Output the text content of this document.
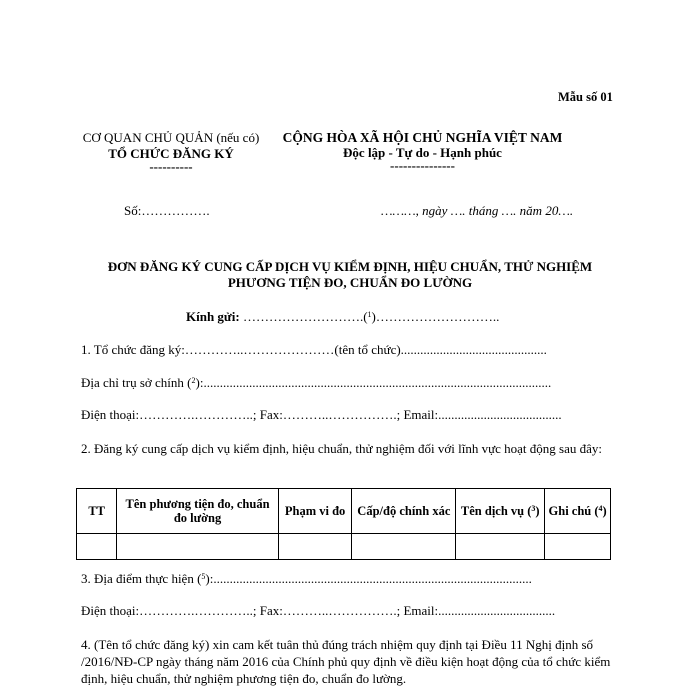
Mẫu số 01
CƠ QUAN CHỦ QUẢN (nếu có)
TỔ CHỨC ĐĂNG KÝ
----------
CỘNG HÒA XÃ HỘI CHỦ NGHĨA VIỆT NAM
Độc lập - Tự do - Hạnh phúc
---------------
Số:…………….	………, ngày …. tháng …. năm 20….
ĐƠN ĐĂNG KÝ CUNG CẤP DỊCH VỤ KIỂM ĐỊNH, HIỆU CHUẨN, THỬ NGHIỆM
PHƯƠNG TIỆN ĐO, CHUẨN ĐO LƯỜNG
Kính gửi: ……………………….($^1$)………………………..
1. Tổ chức đăng ký:…………..…………………(tên tổ chức).............................................
Địa chỉ trụ sở chính ($^2$):...........................................................................................................
Điện thoại:………….…………..; Fax:………..…………….; Email:......................................
2. Đăng ký cung cấp dịch vụ kiểm định, hiệu chuẩn, thử nghiệm đối với lĩnh vực hoạt động sau đây:
TT	Tên phương tiện đo, chuẩn đo lường	Phạm vi đo	Cấp/độ chính xác	Tên dịch vụ ($^3$)	Ghi chú ($^4$)

3. Địa điểm thực hiện ($^5$):..................................................................................................
Điện thoại:………….…………..; Fax:………..…………….; Email:....................................
4. (Tên tổ chức đăng ký) xin cam kết tuân thủ đúng trách nhiệm quy định tại Điều 11 Nghị định số /2016/NĐ-CP ngày tháng năm 2016 của Chính phủ quy định về điều kiện hoạt động của tổ chức kiểm định, hiệu chuẩn, thử nghiệm phương tiện đo, chuẩn đo lường.
